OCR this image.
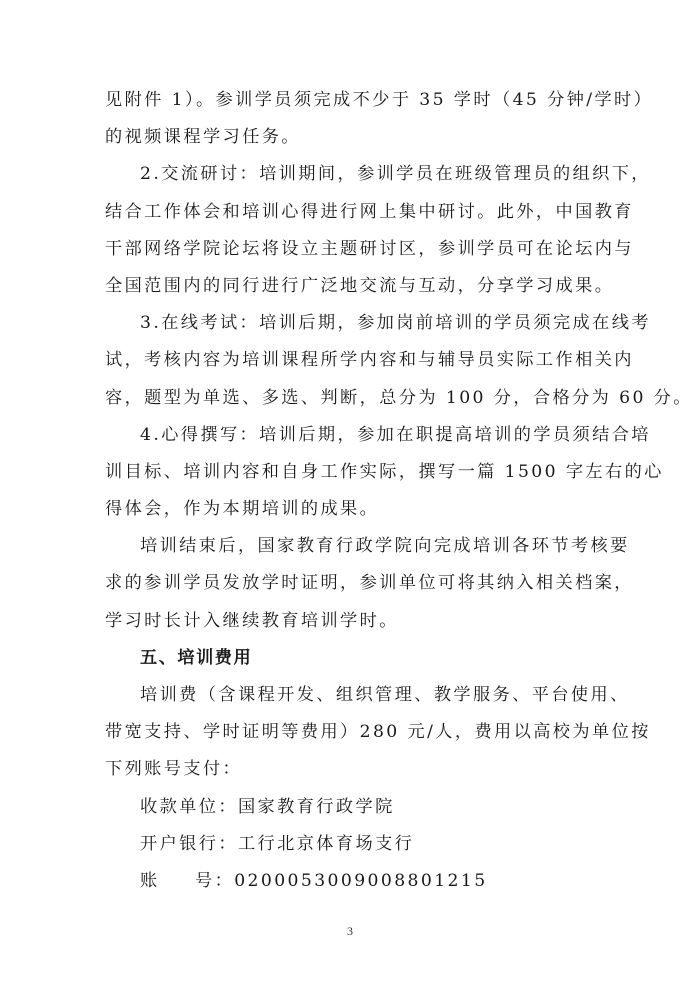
见附件 1）。参训学员须完成不少于 35 学时（45 分钟/学时）
的视频课程学习任务。
2.交流研讨：培训期间，参训学员在班级管理员的组织下，
结合工作体会和培训心得进行网上集中研讨。此外，中国教育
干部网络学院论坛将设立主题研讨区，参训学员可在论坛内与
全国范围内的同行进行广泛地交流与互动，分享学习成果。
3.在线考试：培训后期，参加岗前培训的学员须完成在线考
试，考核内容为培训课程所学内容和与辅导员实际工作相关内
容，题型为单选、多选、判断，总分为 100 分，合格分为 60 分。
4.心得撰写：培训后期，参加在职提高培训的学员须结合培
训目标、培训内容和自身工作实际，撰写一篇 1500 字左右的心
得体会，作为本期培训的成果。
培训结束后，国家教育行政学院向完成培训各环节考核要
求的参训学员发放学时证明，参训单位可将其纳入相关档案，
学习时长计入继续教育培训学时。
五、培训费用
培训费（含课程开发、组织管理、教学服务、平台使用、
带宽支持、学时证明等费用）280 元/人，费用以高校为单位按
下列账号支付：
收款单位：国家教育行政学院
开户银行：工行北京体育场支行
账 号：0200053009008801215
3
